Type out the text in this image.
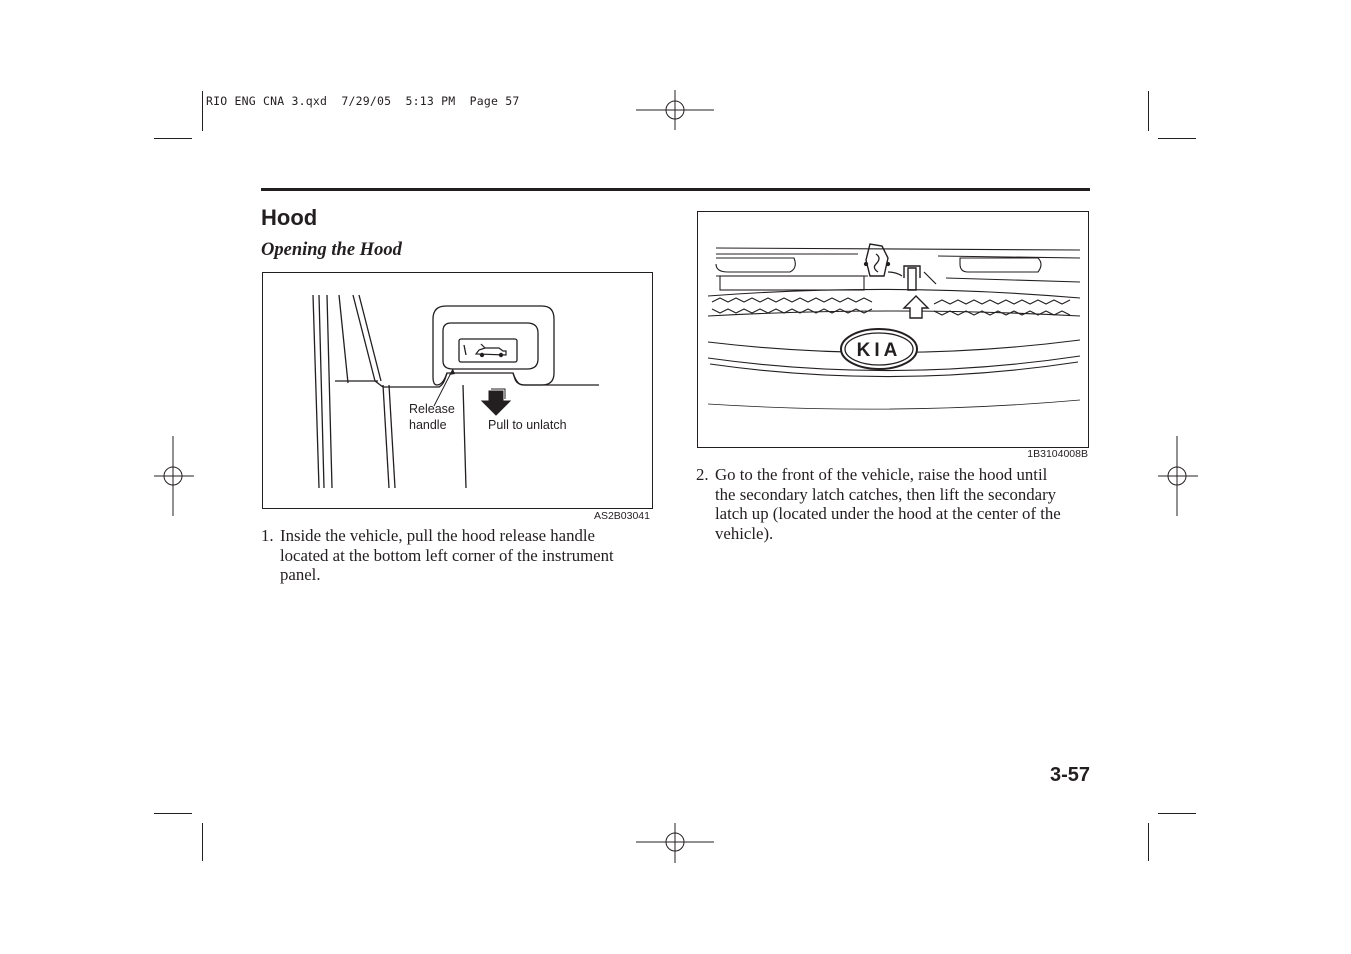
RIO ENG CNA 3.qxd  7/29/05  5:13 PM  Page 57
Hood
Opening the Hood
Release
handle	Pull to unlatch
AS2B03041
KIA
1B3104008B
1. Inside the vehicle, pull the hood release handle
located at the bottom left corner of the instrument
panel.
2. Go to the front of the vehicle, raise the hood until
the secondary latch catches, then lift the secondary
latch up (located under the hood at the center of the
vehicle).
3-57
